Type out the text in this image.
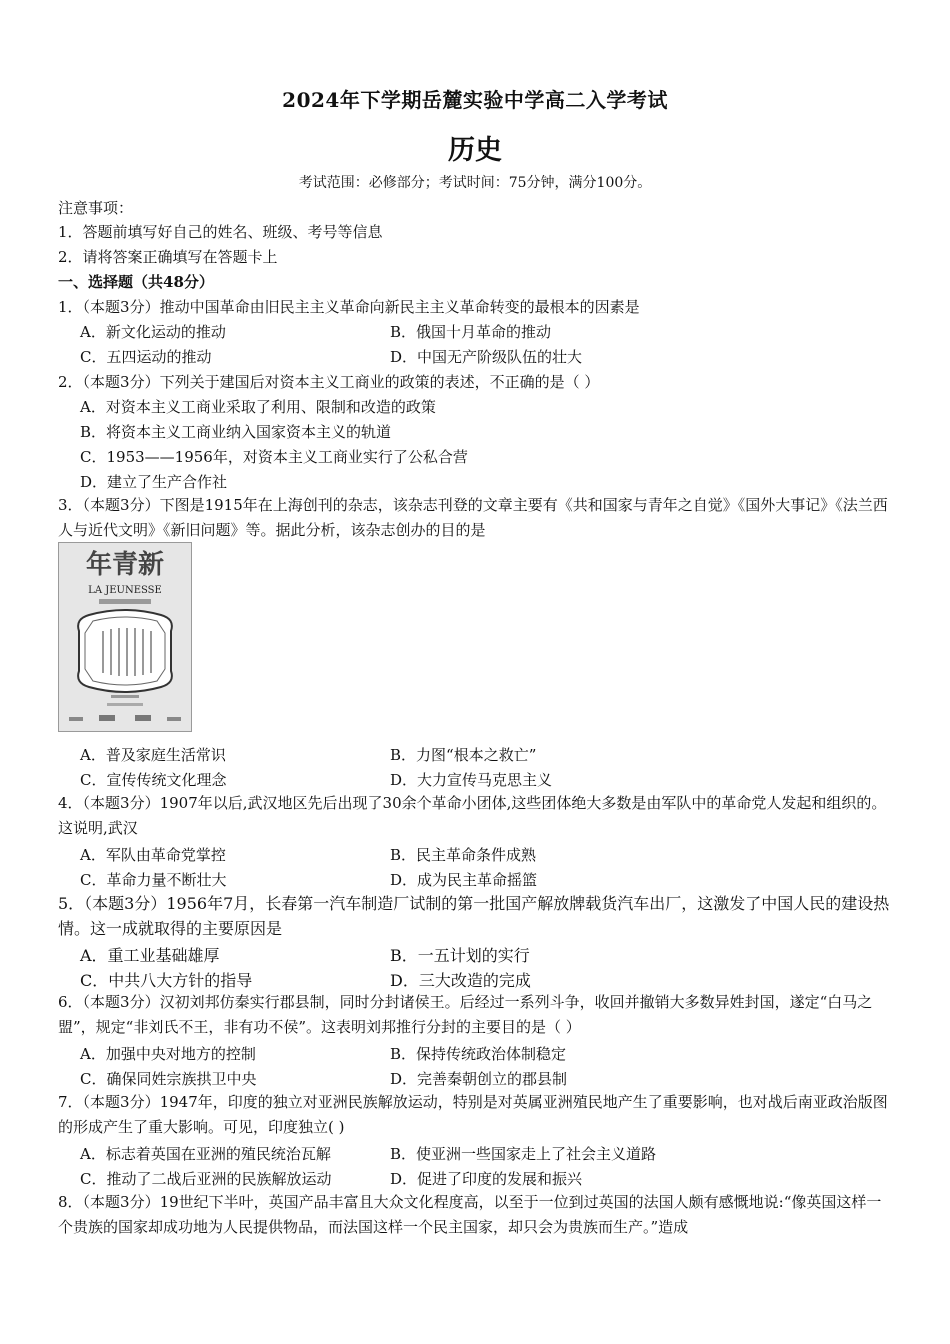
2024年下学期岳麓实验中学高二入学考试
历史
考试范围：必修部分；考试时间：75分钟，满分100分。
注意事项：
1．答题前填写好自己的姓名、班级、考号等信息
2．请将答案正确填写在答题卡上
一、选择题（共48分）
1．（本题3分）推动中国革命由旧民主主义革命向新民主主义革命转变的最根本的因素是
A．新文化运动的推动	B．俄国十月革命的推动
C．五四运动的推动	D．中国无产阶级队伍的壮大
2．（本题3分）下列关于建国后对资本主义工商业的政策的表述，不正确的是（ ）
A．对资本主义工商业采取了利用、限制和改造的政策
B．将资本主义工商业纳入国家资本主义的轨道
C．1953——1956年，对资本主义工商业实行了公私合营
D．建立了生产合作社
3．（本题3分）下图是1915年在上海创刊的杂志，该杂志刊登的文章主要有《共和国家与青年之自觉》《国外大事记》《法兰西人与近代文明》《新旧问题》等。据此分析，该杂志创办的目的是
年青新
LA JEUNESSE
A．普及家庭生活常识	B．力图“根本之救亡”
C．宣传传统文化理念	D．大力宣传马克思主义
4．（本题3分）1907年以后,武汉地区先后出现了30余个革命小团体,这些团体绝大多数是由军队中的革命党人发起和组织的。这说明,武汉
A．军队由革命党掌控	B．民主革命条件成熟
C．革命力量不断壮大	D．成为民主革命摇篮
5．（本题3分）1956年7月，长春第一汽车制造厂试制的第一批国产解放牌载货汽车出厂，这激发了中国人民的建设热情。这一成就取得的主要原因是
A．重工业基础雄厚	B．一五计划的实行
C．中共八大方针的指导	D．三大改造的完成
6．（本题3分）汉初刘邦仿秦实行郡县制，同时分封诸侯王。后经过一系列斗争，收回并撤销大多数异姓封国，遂定“白马之盟”，规定“非刘氏不王，非有功不侯”。这表明刘邦推行分封的主要目的是（ ）
A．加强中央对地方的控制	B．保持传统政治体制稳定
C．确保同姓宗族拱卫中央	D．完善秦朝创立的郡县制
7．（本题3分）1947年，印度的独立对亚洲民族解放运动，特别是对英属亚洲殖民地产生了重要影响，也对战后南亚政治版图的形成产生了重大影响。可见，印度独立( )
A．标志着英国在亚洲的殖民统治瓦解	B．使亚洲一些国家走上了社会主义道路
C．推动了二战后亚洲的民族解放运动	D．促进了印度的发展和振兴
8．（本题3分）19世纪下半叶，英国产品丰富且大众文化程度高，以至于一位到过英国的法国人颇有感慨地说:“像英国这样一个贵族的国家却成功地为人民提供物品，而法国这样一个民主国家，却只会为贵族而生产。”造成
